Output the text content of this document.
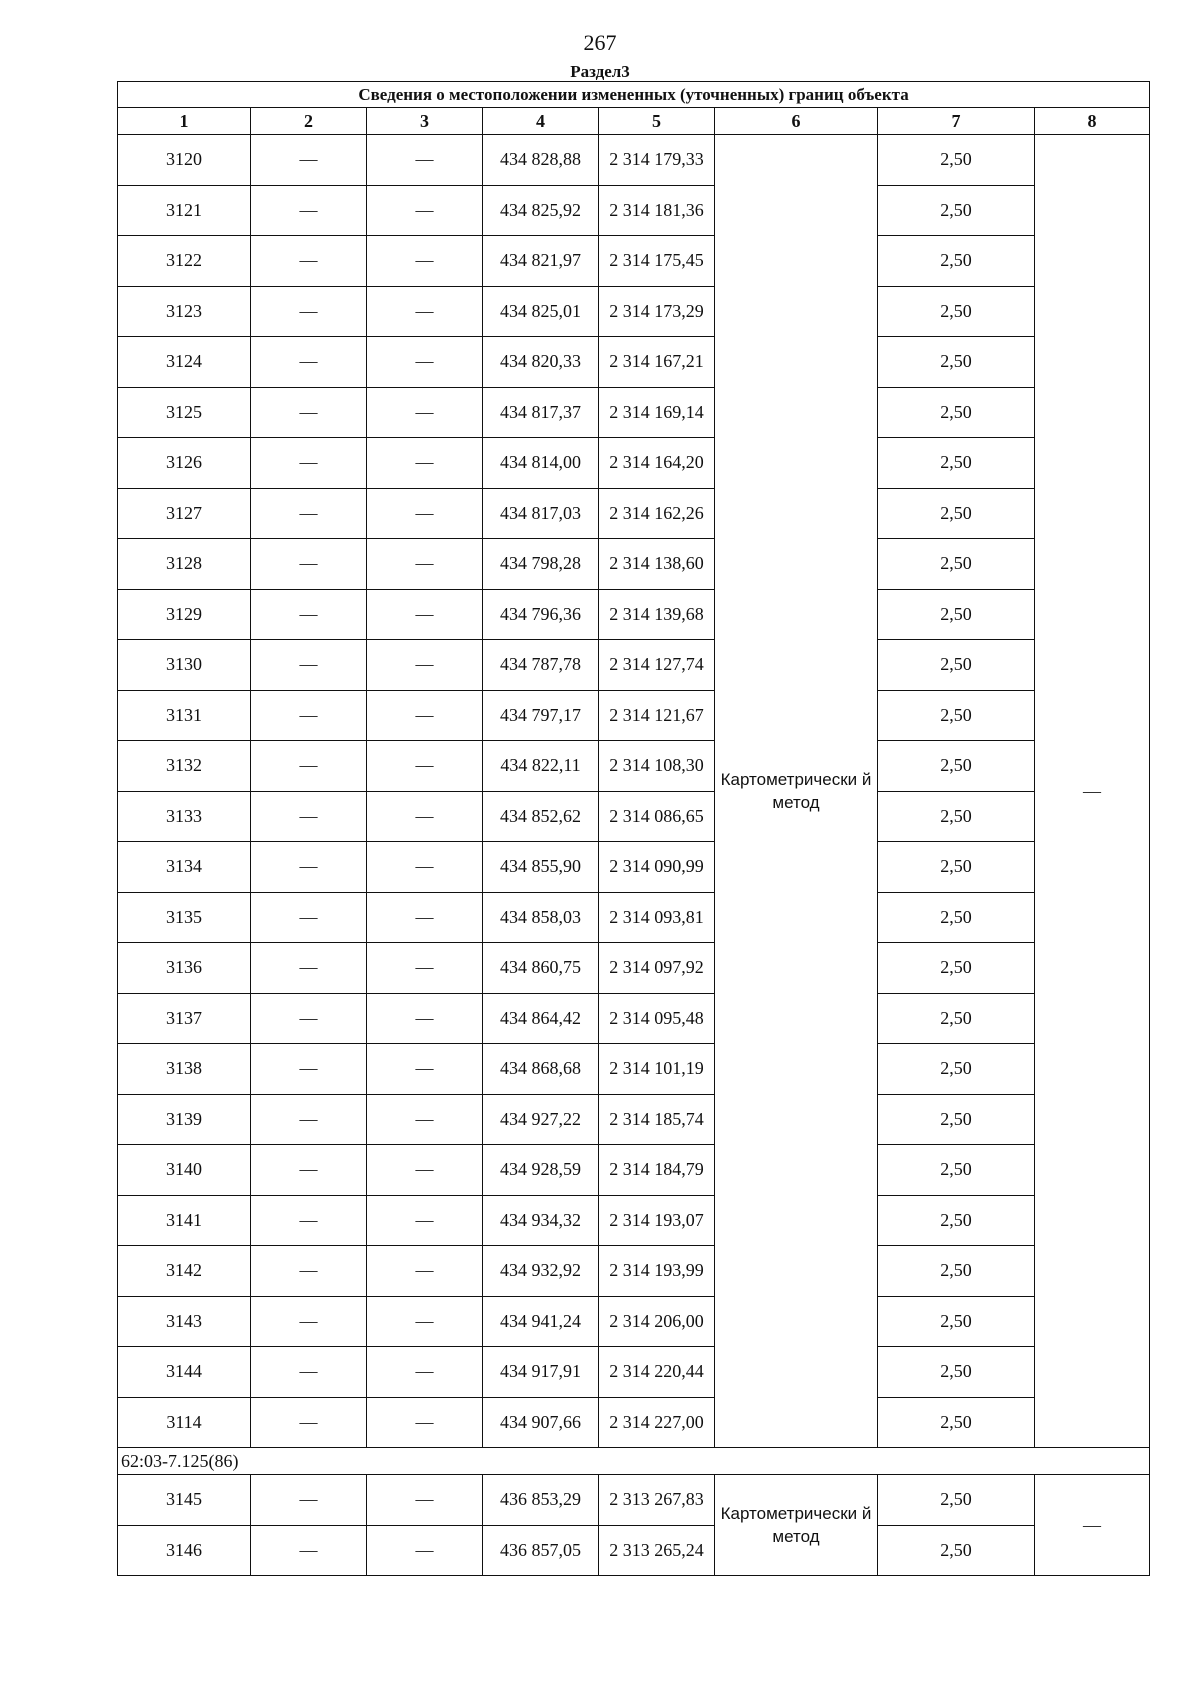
267
Раздел3
Сведения о местоположении измененных (уточненных) границ объекта							
1	2	3	4	5	6	7	8
3120	—	—	434 828,88	2 314 179,33	Картометрически й метод	2,50	—
3121	—	—	434 825,92	2 314 181,36		2,50	
3122	—	—	434 821,97	2 314 175,45		2,50	
3123	—	—	434 825,01	2 314 173,29		2,50	
3124	—	—	434 820,33	2 314 167,21		2,50	
3125	—	—	434 817,37	2 314 169,14		2,50	
3126	—	—	434 814,00	2 314 164,20		2,50	
3127	—	—	434 817,03	2 314 162,26		2,50	
3128	—	—	434 798,28	2 314 138,60		2,50	
3129	—	—	434 796,36	2 314 139,68		2,50	
3130	—	—	434 787,78	2 314 127,74		2,50	
3131	—	—	434 797,17	2 314 121,67		2,50	
3132	—	—	434 822,11	2 314 108,30		2,50	
3133	—	—	434 852,62	2 314 086,65		2,50	
3134	—	—	434 855,90	2 314 090,99		2,50	
3135	—	—	434 858,03	2 314 093,81		2,50	
3136	—	—	434 860,75	2 314 097,92		2,50	
3137	—	—	434 864,42	2 314 095,48		2,50	
3138	—	—	434 868,68	2 314 101,19		2,50	
3139	—	—	434 927,22	2 314 185,74		2,50	
3140	—	—	434 928,59	2 314 184,79		2,50	
3141	—	—	434 934,32	2 314 193,07		2,50	
3142	—	—	434 932,92	2 314 193,99		2,50	
3143	—	—	434 941,24	2 314 206,00		2,50	
3144	—	—	434 917,91	2 314 220,44		2,50	
3114	—	—	434 907,66	2 314 227,00		2,50	
62:03-7.125(86)							
3145	—	—	436 853,29	2 313 267,83	Картометрически й метод	2,50	—
3146	—	—	436 857,05	2 313 265,24		2,50	
